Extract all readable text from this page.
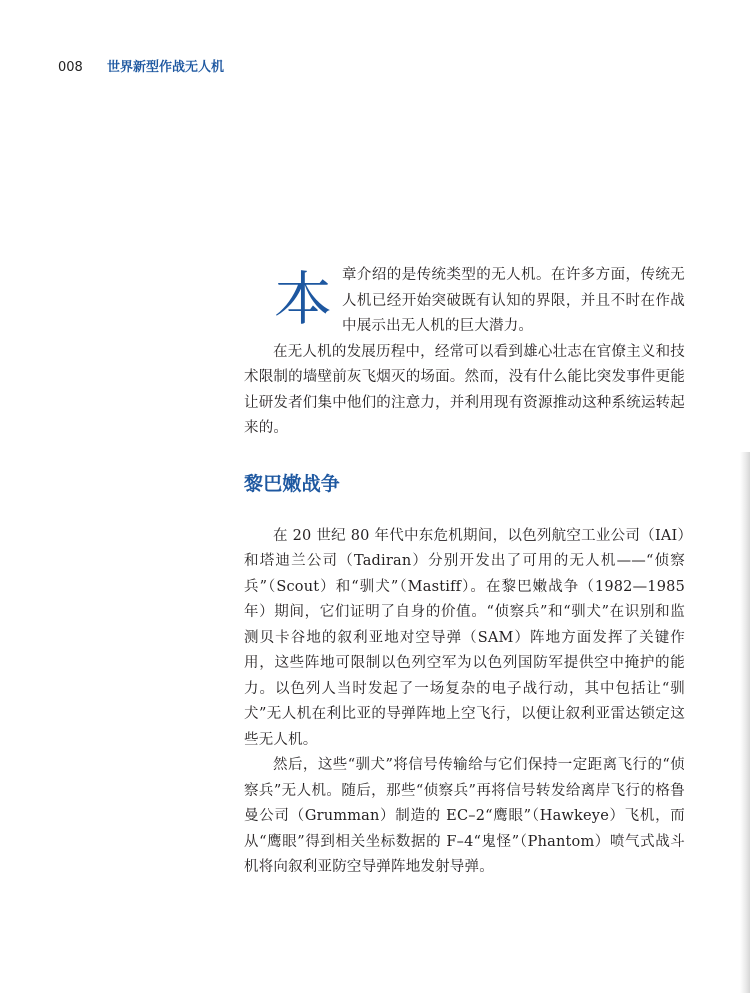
008 世界新型作战无人机
本 章介绍的是传统类型的无人机。在许多方面，传统无人机已经开始突破既有认知的界限，并且不时在作战中展示出无人机的巨大潜力。

在无人机的发展历程中，经常可以看到雄心壮志在官僚主义和技术限制的墙壁前灰飞烟灭的场面。然而，没有什么能比突发事件更能让研发者们集中他们的注意力，并利用现有资源推动这种系统运转起来的。

黎巴嫩战争

在 20 世纪 80 年代中东危机期间，以色列航空工业公司（IAI）和塔迪兰公司（Tadiran）分别开发出了可用的无人机——“侦察兵”（Scout）和“驯犬”（Mastiff）。在黎巴嫩战争（1982—1985 年）期间，它们证明了自身的价值。“侦察兵”和“驯犬”在识别和监测贝卡谷地的叙利亚地对空导弹（SAM）阵地方面发挥了关键作用，这些阵地可限制以色列空军为以色列国防军提供空中掩护的能力。以色列人当时发起了一场复杂的电子战行动，其中包括让“驯犬”无人机在利比亚的导弹阵地上空飞行，以便让叙利亚雷达锁定这些无人机。

然后，这些“驯犬”将信号传输给与它们保持一定距离飞行的“侦察兵”无人机。随后，那些“侦察兵”再将信号转发给离岸飞行的格鲁曼公司（Grumman）制造的 EC–2“鹰眼”（Hawkeye）飞机，而从“鹰眼”得到相关坐标数据的 F–4“鬼怪”（Phantom）喷气式战斗机将向叙利亚防空导弹阵地发射导弹。
